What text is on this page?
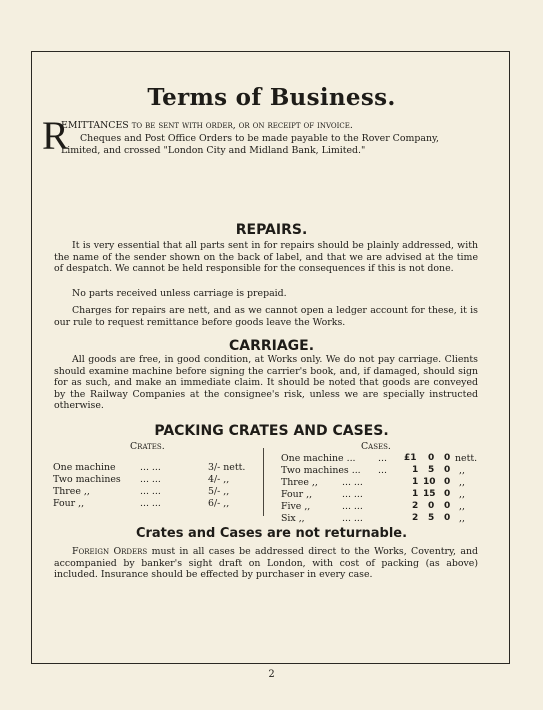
Terms of Business.
R
EMITTANCES to be sent with order, or on receipt of invoice.
Cheques and Post Office Orders to be made payable to the Rover Company,
Limited, and crossed "London City and Midland Bank, Limited."
REPAIRS.
It is very essential that all parts sent in for repairs should be plainly addressed, with the name of the sender shown on the back of label, and that we are advised at the time of despatch. We cannot be held responsible for the consequences if this is not done.
No parts received unless carriage is prepaid.
Charges for repairs are nett, and as we cannot open a ledger account for these, it is our rule to request remittance before goods leave the Works.
CARRIAGE.
All goods are free, in good condition, at Works only. We do not pay carriage. Clients should examine machine before signing the carrier's book, and, if damaged, should sign for as such, and make an immediate claim. It should be noted that goods are conveyed by the Railway Companies at the consignee's risk, unless we are specially instructed otherwise.
PACKING CRATES AND CASES.
Crates.	Cases.
One machine	... ...	3/- nett.
Two machines ... ...	4/- ,,
Three ,,	... ...	5/- ,,
Four ,,	... ...	6/- ,,
One machine ... ... £1 0 0 nett.
Two machines ... ...	1 5 0 ,,
Three ,,	... ...	1 10 0 ,,
Four ,,	... ...	1 15 0 ,,
Five ,,	... ...	2 0 0 ,,
Six ,,	... ...	2 5 0 ,,
Crates and Cases are not returnable.
Foreign Orders must in all cases be addressed direct to the Works, Coventry, and accompanied by banker's sight draft on London, with cost of packing (as above) included. Insurance should be effected by purchaser in every case.
2
